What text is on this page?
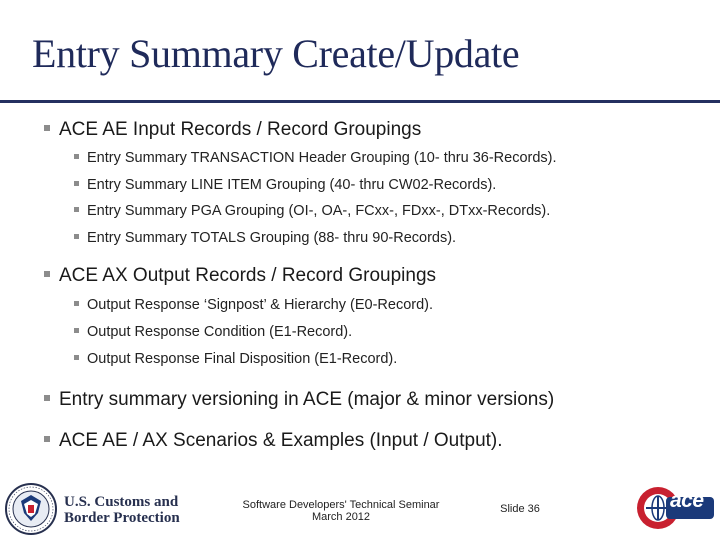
Entry Summary Create/Update
ACE AE Input Records / Record Groupings
Entry Summary TRANSACTION Header Grouping (10- thru 36-Records).
Entry Summary LINE ITEM Grouping (40- thru CW02-Records).
Entry Summary PGA Grouping (OI-, OA-, FCxx-, FDxx-, DTxx-Records).
Entry Summary TOTALS Grouping (88- thru 90-Records).
ACE AX Output Records / Record Groupings
Output Response ‘Signpost’ & Hierarchy (E0-Record).
Output Response Condition (E1-Record).
Output Response Final Disposition (E1-Record).
Entry summary versioning in ACE (major & minor versions)
ACE AE / AX Scenarios & Examples (Input / Output).
U.S. Customs and
Border Protection
Software Developers' Technical Seminar
March 2012
Slide 36	ace
